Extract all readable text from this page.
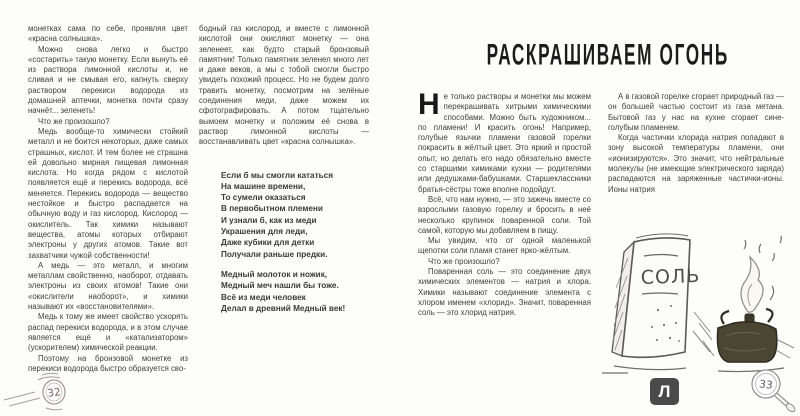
монетках сама по себе, проявляя цвет «красна солнышка».

Можно снова легко и быстро «состарить» такую монетку. Если вынуть её из раствора лимонной кислоты и, не сливая и не смывая его, капнуть сверху раствором перекиси водорода из домашней аптечки, монетка почти сразу начнёт... зеленеть!

Что же произошло?

Медь вообще-то химически стойкий металл и не боится некоторых, даже самых страшных, кислот. И тем более не страшна ей довольно мирная пищевая лимонная кислота. Но когда рядом с кислотой появляется ещё и перекись водорода, всё меняется. Перекись водорода — вещество нестойкое и быстро распадается на обычную воду и газ кислород. Кислород — окислитель. Так химики называют вещества, атомы которых отбирают электроны у других атомов. Такие вот захватчики чужой собственности!

А медь — это металл, и многим металлам свойственно, наоборот, отдавать электроны из своих атомов! Такие они «окислители наоборот», и химики называют их «восстановителями».

Медь к тому же имеет свойство ускорять распад перекиси водорода, и в этом случае является ещё и «катализатором» (ускорителем) химической реакции.

Поэтому на бронзовой монетке из перекиси водорода быстро образуется сво-

бодный газ кислород, и вместе с лимонной кислотой они окисляют монетку — она зеленеет, как будто старый бронзовый памятник! Только памятник зеленел много лет и даже веков, а мы с тобой смогли быстро увидеть похожий процесс. Но не будем долго травить монетку, посмотрим на зелёные соединения меди, даже можем их сфотографировать. А потом тщательно вымоем монетку и положим её снова в раствор лимонной кислоты — восстанавливать цвет «красна солнышка».

Если б мы смогли кататься
На машине времени,
То сумели оказаться
В первобытном племени
И узнали б, как из меди
Украшения для леди,
Даже кубики для детки
Получали раньше предки.
Медный молоток и ножик,
Медный меч нашли бы тоже.
Всё из меди человек
Делал в древний Медный век!
32
РАСКРАШИВАЕМ ОГОНЬ

Не только растворы и монетки мы можем перекрашивать хитрыми химическими способами. Можно быть художником... по пламени! И красить огонь! Например, голубые язычки пламени газовой горелки покрасить в жёлтый цвет. Это яркий и простой опыт, но делать его надо обязательно вместе со старшими химиками кухни — родителями или дедушками-бабушками. Старшеклассники братья-сёстры тоже вполне подойдут.

Всё, что нам нужно, — это зажечь вместе со взрослыми газовую горелку и бросить в неё несколько крупинок поваренной соли. Той самой, которую мы добавляем в пищу.

Мы увидим, что от одной маленькой щепотки соли пламя станет ярко-жёлтым.

Что же произошло?

Поваренная соль — это соединение двух химических элементов — натрия и хлора. Химики называют соединение элемента с хлором именем «хлорид». Значит, поваренная соль — это хлорид натрия.

А в газовой горелке сгорает природный газ — он большей частью состоит из газа метана. Бытовой газ у нас на кухне сгорает сине-голубым пламенем.

Когда частички хлорида натрия попадают в зону высокой температуры пламени, они «ионизируются». Это значит, что нейтральные молекулы (не имеющие электрического заряда) распадаются на заряженные частички-ионы. Ионы натрия

СОЛЬ
Л	33
